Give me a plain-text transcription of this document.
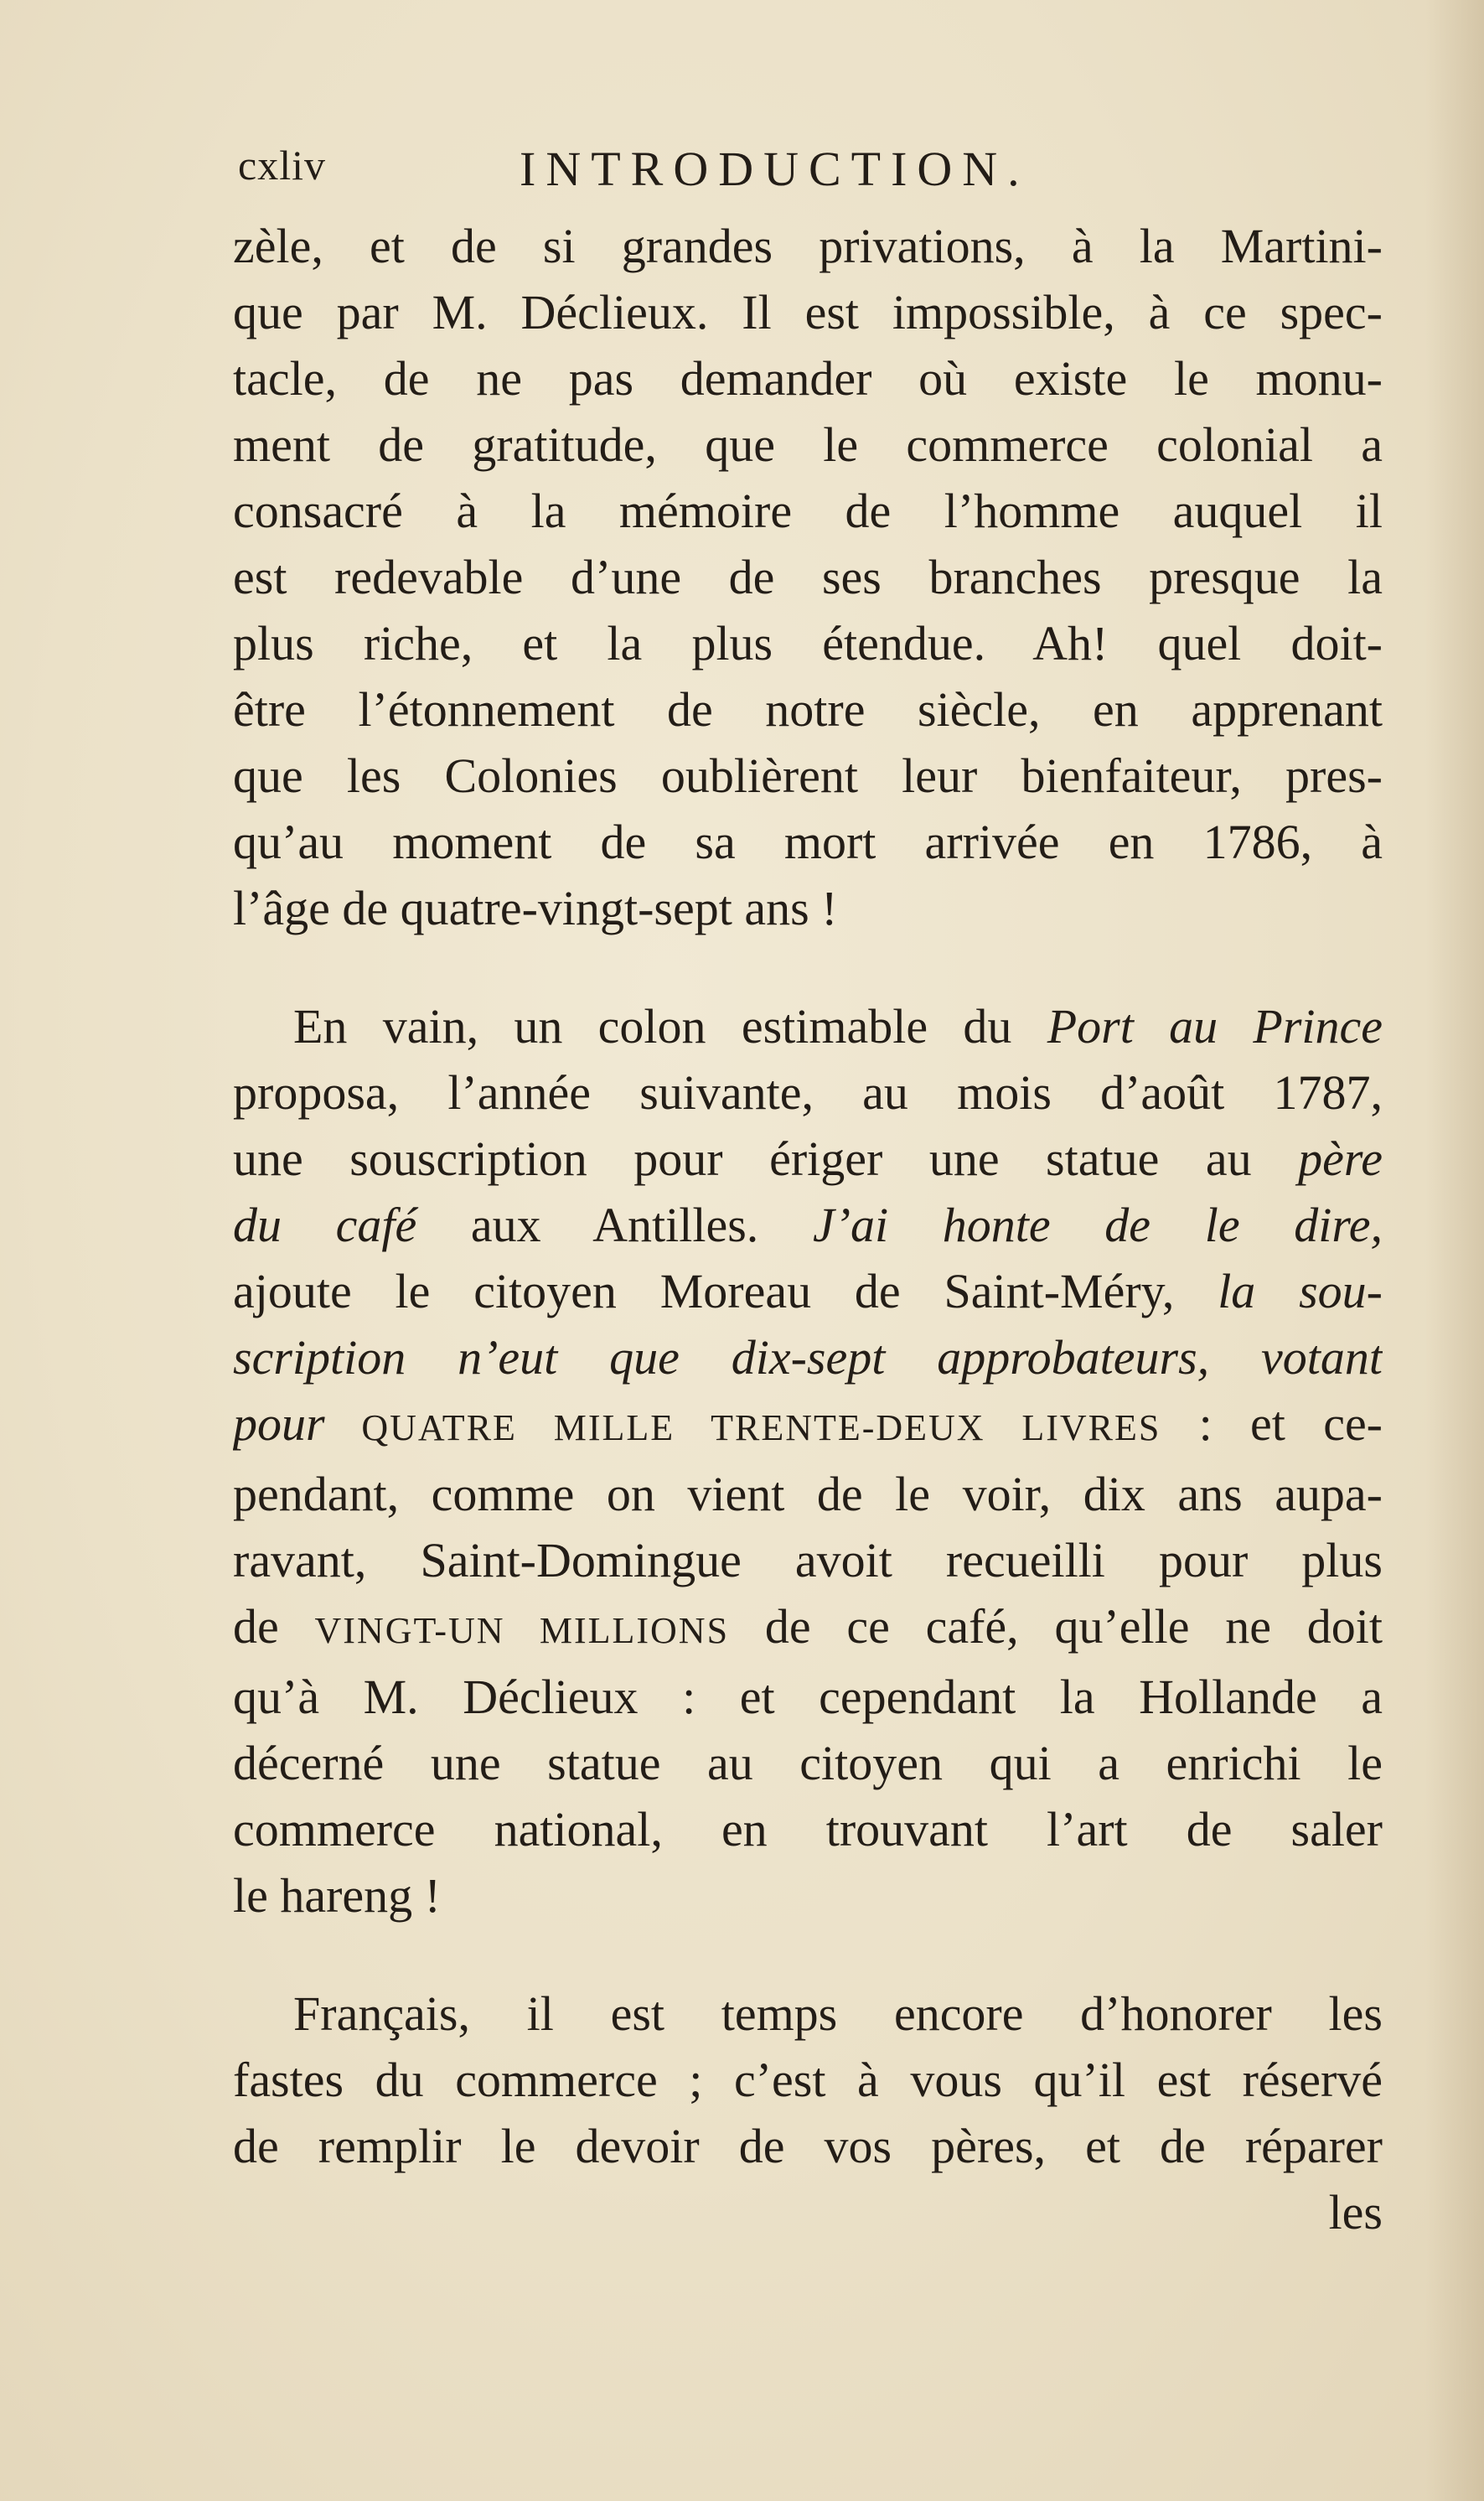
cxliv	INTRODUCTION.
zèle, et de si grandes privations, à la Martini-
que par M. Déclieux. Il est impossible, à ce spec-
tacle, de ne pas demander où existe le monu-
ment de gratitude, que le commerce colonial a
consacré à la mémoire de l’homme auquel il
est redevable d’une de ses branches presque la
plus riche, et la plus étendue. Ah! quel doit-
être l’étonnement de notre siècle, en apprenant
que les Colonies oublièrent leur bienfaiteur, pres-
qu’au moment de sa mort arrivée en 1786, à
l’âge de quatre-vingt-sept ans !
En vain, un colon estimable du Port au Prince
proposa, l’année suivante, au mois d’août 1787,
une souscription pour ériger une statue au père
du café aux Antilles. J’ai honte de le dire,
ajoute le citoyen Moreau de Saint-Méry, la sou-
scription n’eut que dix-sept approbateurs, votant
pour QUATRE MILLE TRENTE-DEUX LIVRES : et ce-
pendant, comme on vient de le voir, dix ans aupa-
ravant, Saint-Domingue avoit recueilli pour plus
de VINGT-UN MILLIONS de ce café, qu’elle ne doit
qu’à M. Déclieux : et cependant la Hollande a
décerné une statue au citoyen qui a enrichi le
commerce national, en trouvant l’art de saler
le hareng !
Français, il est temps encore d’honorer les
fastes du commerce ; c’est à vous qu’il est réservé
de remplir le devoir de vos pères, et de réparer
les
